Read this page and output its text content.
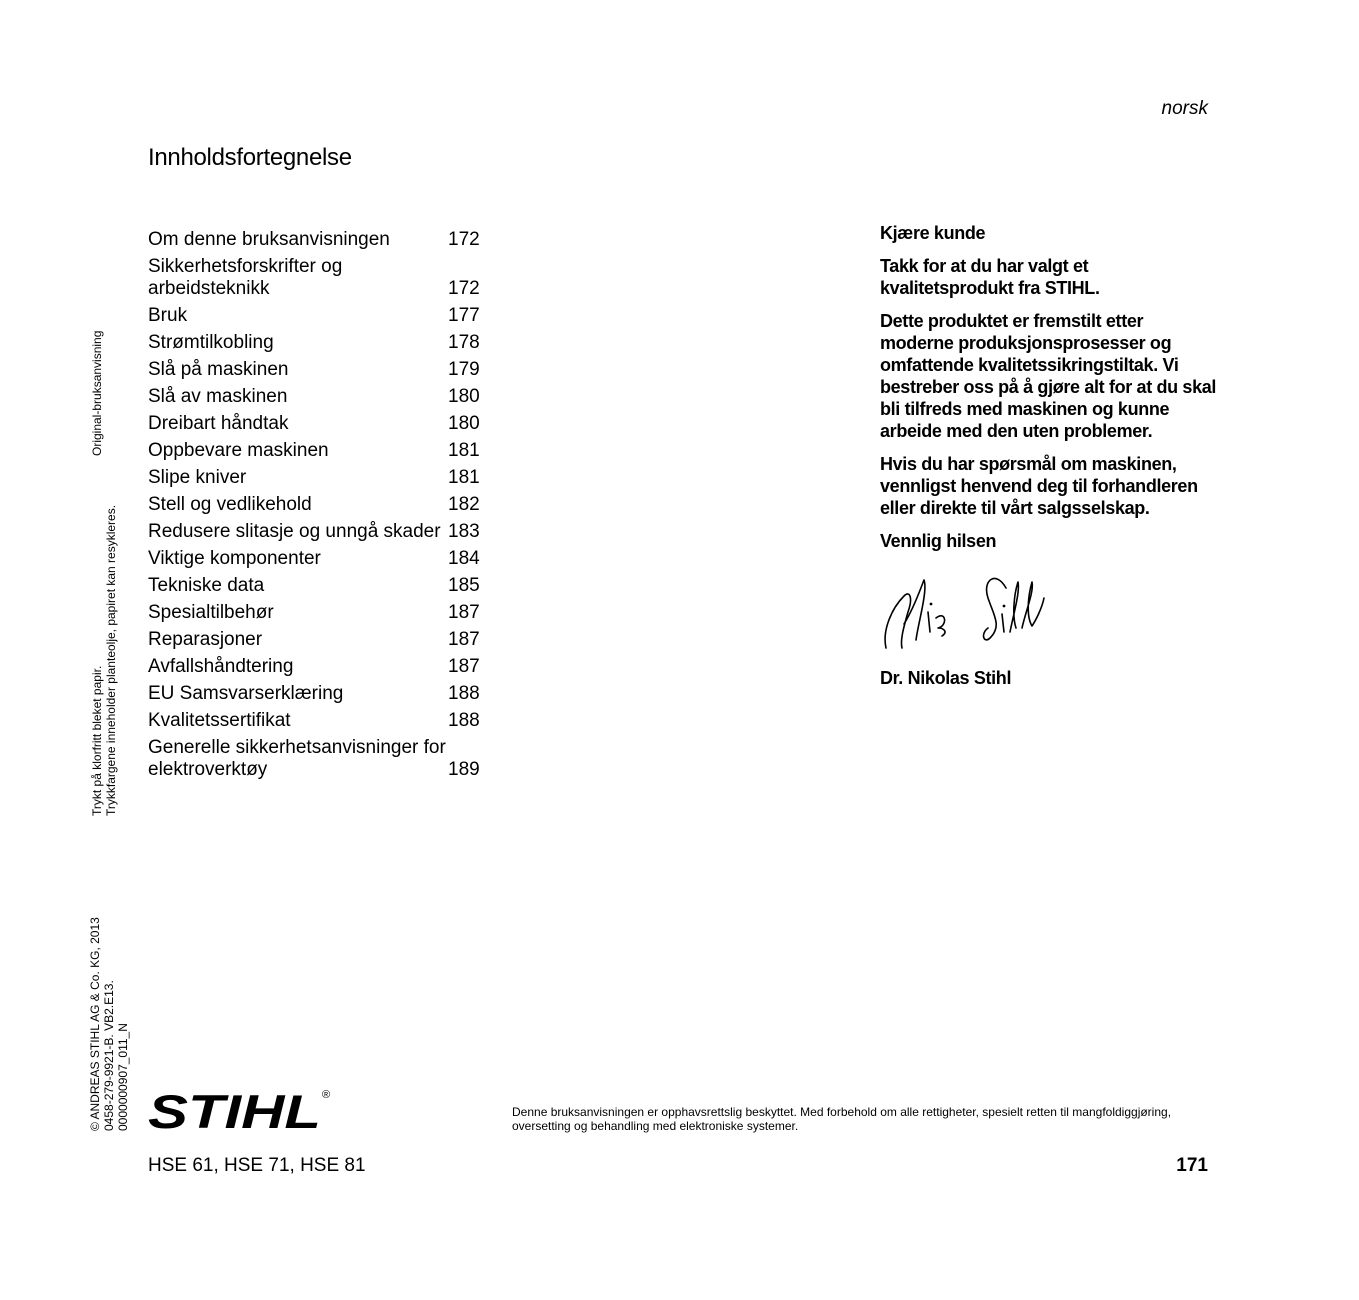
norsk
Innholdsfortegnelse
Om denne bruksanvisningen	172
Sikkerhetsforskrifter og arbeidsteknikk	172
Bruk	177
Strømtilkobling	178
Slå på maskinen	179
Slå av maskinen	180
Dreibart håndtak	180
Oppbevare maskinen	181
Slipe kniver	181
Stell og vedlikehold	182
Redusere slitasje og unngå skader 183
Viktige komponenter	184
Tekniske data	185
Spesialtilbehør	187
Reparasjoner	187
Avfallshåndtering	187
EU Samsvarserklæring	188
Kvalitetssertifikat	188
Generelle sikkerhetsanvisninger for elektroverktøy	189

Kjære kunde

Takk for at du har valgt et kvalitetsprodukt fra STIHL.

Dette produktet er fremstilt etter moderne produksjonsprosesser og omfattende kvalitetssikringstiltak. Vi bestreber oss på å gjøre alt for at du skal bli tilfreds med maskinen og kunne arbeide med den uten problemer.

Hvis du har spørsmål om maskinen, vennligst henvend deg til forhandleren eller direkte til vårt salgsselskap.

Vennlig hilsen

Dr. Nikolas Stihl
Original-bruksanvisning
Trykt på klorfritt bleket papir. Trykkfargene inneholder planteolje, papiret kan resykleres.
© ANDREAS STIHL AG & Co. KG, 2013 0458-279-9921-B. VB2.E13. 0000000907_011_N STIHL ®
Denne bruksanvisningen er opphavsrettslig beskyttet. Med forbehold om alle rettigheter, spesielt retten til mangfoldiggjøring, oversetting og behandling med elektroniske systemer.
HSE 61, HSE 71, HSE 81	171
